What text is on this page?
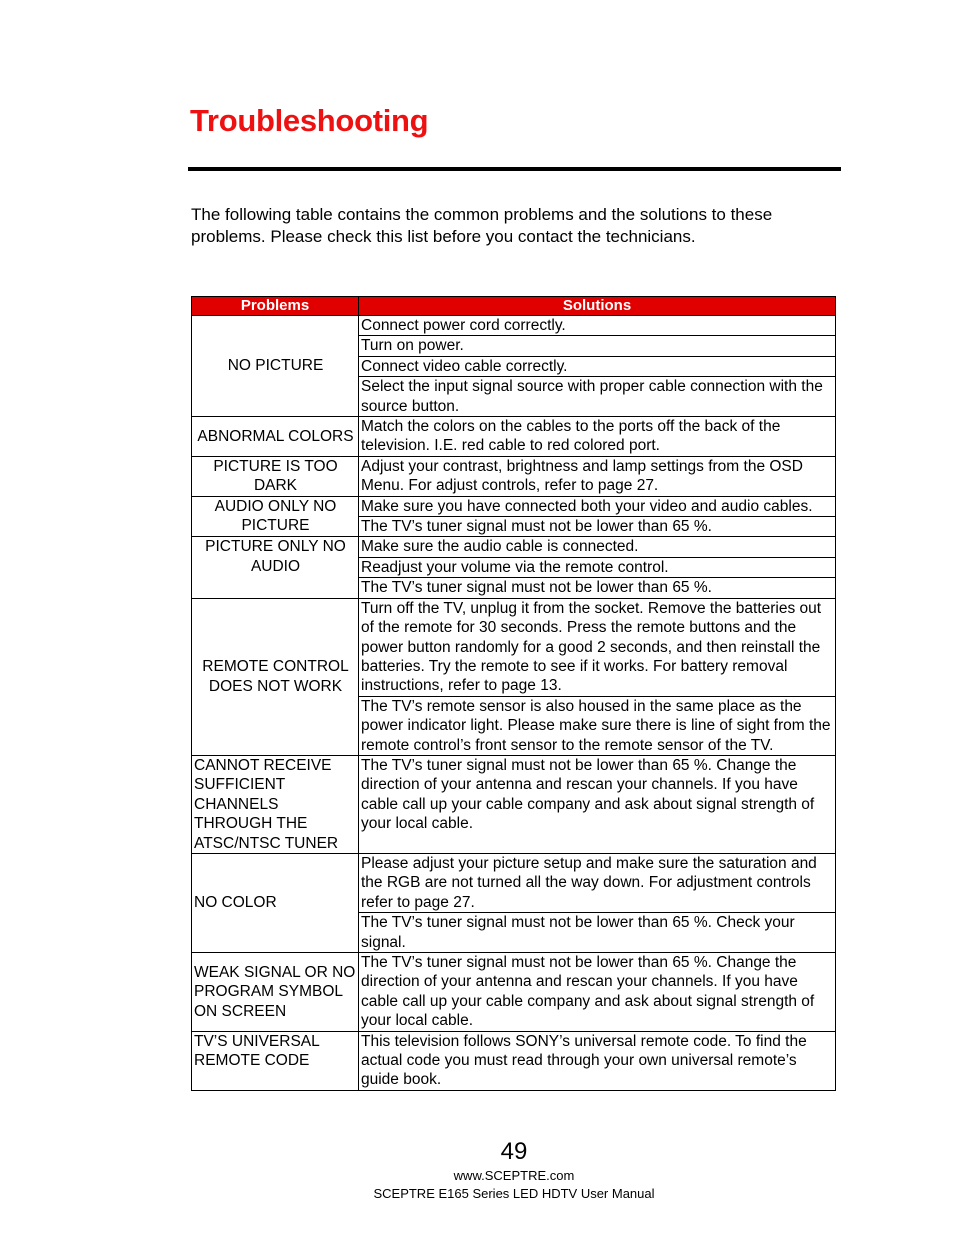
Troubleshooting

The following table contains the common problems and the solutions to these problems. Please check this list before you contact the technicians.

Problems	Solutions
NO PICTURE	Connect power cord correctly.
	Turn on power.
	Connect video cable correctly.
	Select the input signal source with proper cable connection with the source button.
ABNORMAL COLORS	Match the colors on the cables to the ports off the back of the television. I.E. red cable to red colored port.
PICTURE IS TOO DARK	Adjust your contrast, brightness and lamp settings from the OSD Menu. For adjust controls, refer to page 27.
AUDIO ONLY NO PICTURE	Make sure you have connected both your video and audio cables.
	The TV’s tuner signal must not be lower than 65 %.
PICTURE ONLY NO AUDIO	Make sure the audio cable is connected.
	Readjust your volume via the remote control.
	The TV’s tuner signal must not be lower than 65 %.
REMOTE CONTROL DOES NOT WORK	Turn off the TV, unplug it from the socket. Remove the batteries out of the remote for 30 seconds. Press the remote buttons and the power button randomly for a good 2 seconds, and then reinstall the batteries. Try the remote to see if it works. For battery removal instructions, refer to page 13.
	The TV’s remote sensor is also housed in the same place as the power indicator light. Please make sure there is line of sight from the remote control’s front sensor to the remote sensor of the TV.
CANNOT RECEIVE SUFFICIENT CHANNELS THROUGH THE ATSC/NTSC TUNER	The TV’s tuner signal must not be lower than 65 %. Change the direction of your antenna and rescan your channels. If you have cable call up your cable company and ask about signal strength of your local cable.
NO COLOR	Please adjust your picture setup and make sure the saturation and the RGB are not turned all the way down. For adjustment controls refer to page 27.
	The TV’s tuner signal must not be lower than 65 %. Check your signal.
WEAK SIGNAL OR NO PROGRAM SYMBOL ON SCREEN	The TV’s tuner signal must not be lower than 65 %. Change the direction of your antenna and rescan your channels. If you have cable call up your cable company and ask about signal strength of your local cable.
TV’S UNIVERSAL REMOTE CODE	This television follows SONY’s universal remote code. To find the actual code you must read through your own universal remote’s guide book.
49
www.SCEPTRE.com
SCEPTRE E165 Series LED HDTV User Manual
